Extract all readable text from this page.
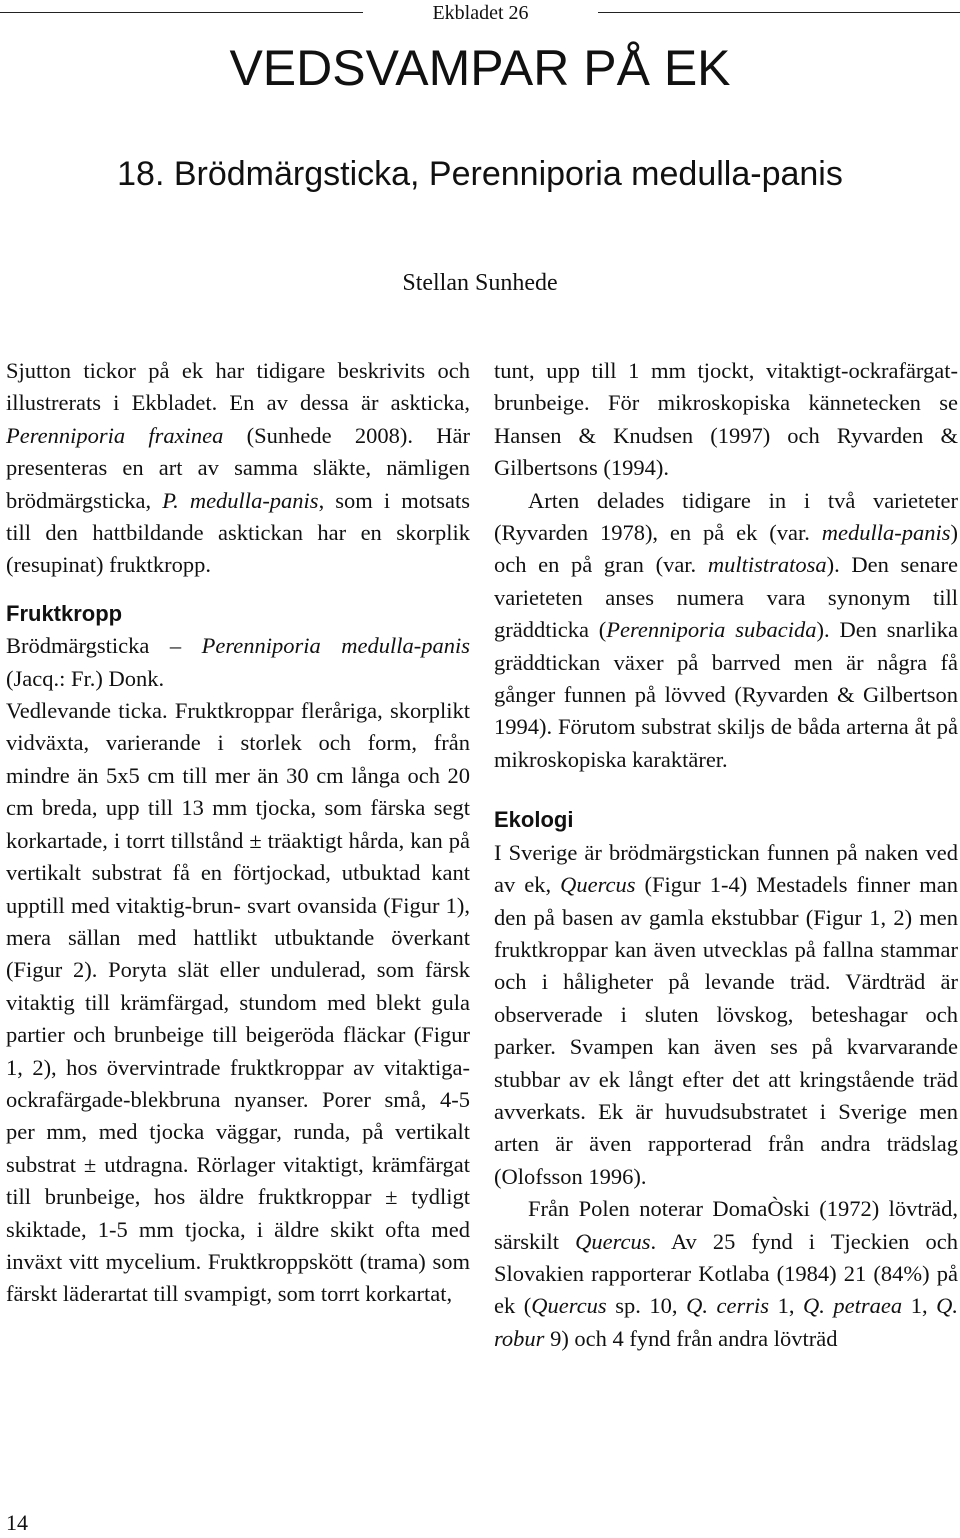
Ekbladet 26
VEDSVAMPAR PÅ EK
18. Brödmärgsticka, Perenniporia medulla-panis
Stellan Sunhede

Sjutton tickor på ek har tidigare beskrivits och illustrerats i Ekbladet. En av dessa är askticka, Perenniporia fraxinea (Sunhede 2008). Här presenteras en art av samma släkte, nämligen brödmärgsticka, P. medulla-panis, som i motsats till den hattbildande asktickan har en skorplik (resupinat) fruktkropp.

Fruktkropp

Brödmärgsticka – Perenniporia medulla-panis (Jacq.: Fr.) Donk.

Vedlevande ticka. Fruktkroppar fleråriga, skorplikt vidväxta, varierande i storlek och form, från mindre än 5x5 cm till mer än 30 cm långa och 20 cm breda, upp till 13 mm tjocka, som färska segt korkartade, i torrt tillstånd ± träaktigt hårda, kan på vertikalt substrat få en förtjockad, utbuktad kant upptill med vitaktig-brun- svart ovansida (Figur 1), mera sällan med hattlikt utbuktande överkant (Figur 2). Poryta slät eller undulerad, som färsk vitaktig till krämfärgad, stundom med blekt gula partier och brunbeige till beigeröda fläckar (Figur 1, 2), hos övervintrade fruktkroppar av vitaktiga-ockrafärgade-blekbruna nyanser. Porer små, 4-5 per mm, med tjocka väggar, runda, på vertikalt substrat ± utdragna. Rörlager vitaktigt, krämfärgat till brunbeige, hos äldre fruktkroppar ± tydligt skiktade, 1-5 mm tjocka, i äldre skikt ofta med inväxt vitt mycelium. Fruktkroppskött (trama) som färskt läderartat till svampigt, som torrt korkartat,

tunt, upp till 1 mm tjockt, vitaktigt-ockrafärgat-brunbeige. För mikroskopiska kännetecken se Hansen & Knudsen (1997) och Ryvarden & Gilbertsons (1994).

Arten delades tidigare in i två varieteter (Ryvarden 1978), en på ek (var. medulla-panis) och en på gran (var. multistratosa). Den senare varieteten anses numera vara synonym till gräddticka (Perenniporia subacida). Den snarlika gräddtickan växer på barrved men är några få gånger funnen på lövved (Ryvarden & Gilbertson 1994). Förutom substrat skiljs de båda arterna åt på mikroskopiska karaktärer.

Ekologi

I Sverige är brödmärgstickan funnen på naken ved av ek, Quercus (Figur 1-4) Mestadels finner man den på basen av gamla ekstubbar (Figur 1, 2) men fruktkroppar kan även utvecklas på fallna stammar och i håligheter på levande träd. Värdträd är observerade i sluten lövskog, beteshagar och parker. Svampen kan även ses på kvarvarande stubbar av ek långt efter det att kringstående träd avverkats. Ek är huvudsubstratet i Sverige men arten är även rapporterad från andra trädslag (Olofsson 1996).

Från Polen noterar DomaÒski (1972) lövträd, särskilt Quercus. Av 25 fynd i Tjeckien och Slovakien rapporterar Kotlaba (1984) 21 (84%) på ek (Quercus sp. 10, Q. cerris 1, Q. petraea 1, Q. robur 9) och 4 fynd från andra lövträd

14
